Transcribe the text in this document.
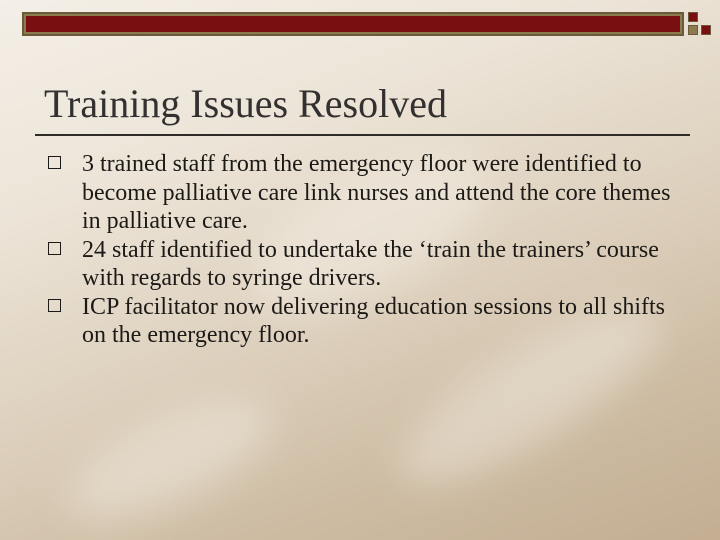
Training Issues Resolved
3 trained staff from the emergency floor were identified to become palliative care link nurses and attend the core themes in palliative care.
24 staff identified to undertake the ‘train the trainers’ course with regards to syringe drivers.
ICP facilitator now delivering education sessions to all shifts on the emergency floor.
